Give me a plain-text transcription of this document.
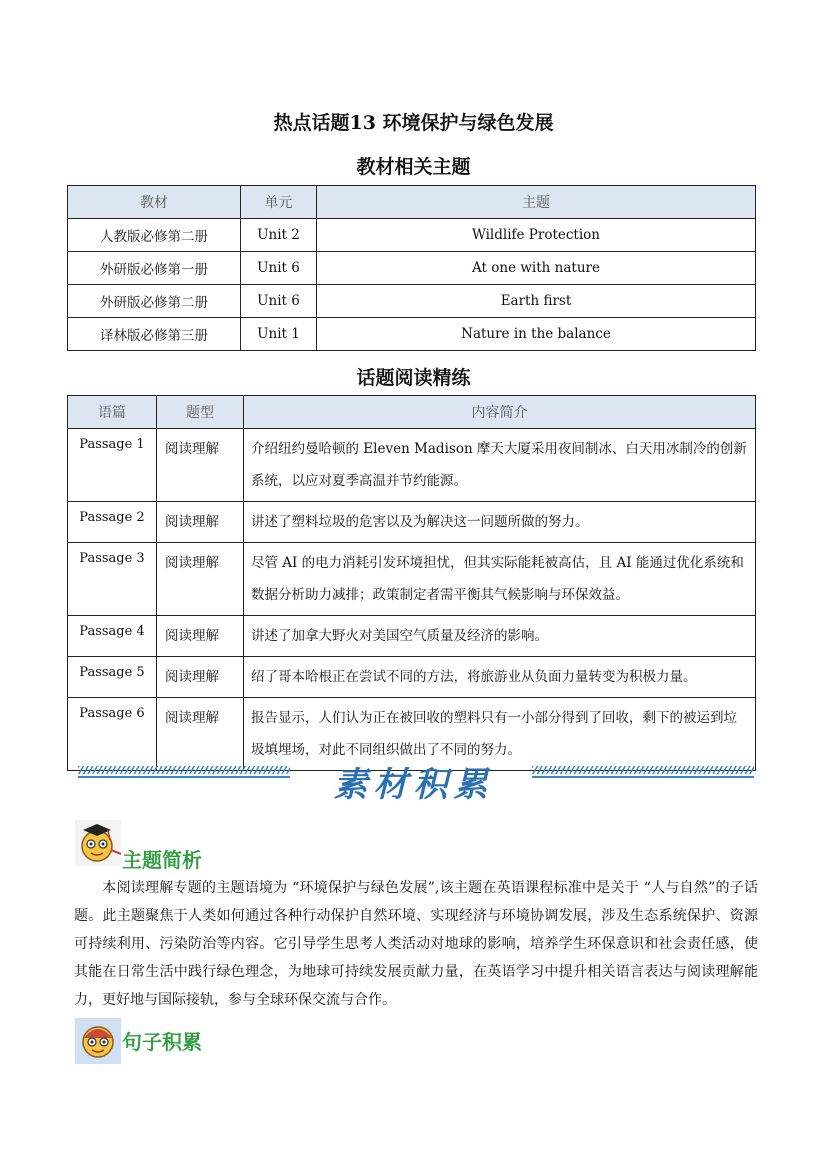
热点话题13 环境保护与绿色发展
教材相关主题
教材	单元	主题
人教版必修第二册	Unit 2	Wildlife Protection
外研版必修第一册	Unit 6	At one with nature
外研版必修第二册	Unit 6	Earth first
译林版必修第三册	Unit 1	Nature in the balance
话题阅读精练
语篇	题型	内容简介
Passage 1	阅读理解	介绍纽约曼哈顿的 Eleven Madison 摩天大厦采用夜间制冰、白天用冰制冷的创新系统，以应对夏季高温并节约能源。
Passage 2	阅读理解	讲述了塑料垃圾的危害以及为解决这一问题所做的努力。
Passage 3	阅读理解	尽管 AI 的电力消耗引发环境担忧，但其实际能耗被高估，且 AI 能通过优化系统和数据分析助力减排；政策制定者需平衡其气候影响与环保效益。
Passage 4	阅读理解	讲述了加拿大野火对美国空气质量及经济的影响。
Passage 5	阅读理解	绍了哥本哈根正在尝试不同的方法，将旅游业从负面力量转变为积极力量。
Passage 6	阅读理解	报告显示，人们认为正在被回收的塑料只有一小部分得到了回收，剩下的被运到垃圾填埋场，对此不同组织做出了不同的努力。
素材积累
主题简析
本阅读理解专题的主题语境为 “环境保护与绿色发展”,该主题在英语课程标准中是关于 “人与自然”的子话题。此主题聚焦于人类如何通过各种行动保护自然环境、实现经济与环境协调发展，涉及生态系统保护、资源可持续利用、污染防治等内容。它引导学生思考人类活动对地球的影响，培养学生环保意识和社会责任感，使其能在日常生活中践行绿色理念，为地球可持续发展贡献力量，在英语学习中提升相关语言表达与阅读理解能力，更好地与国际接轨，参与全球环保交流与合作。
句子积累
